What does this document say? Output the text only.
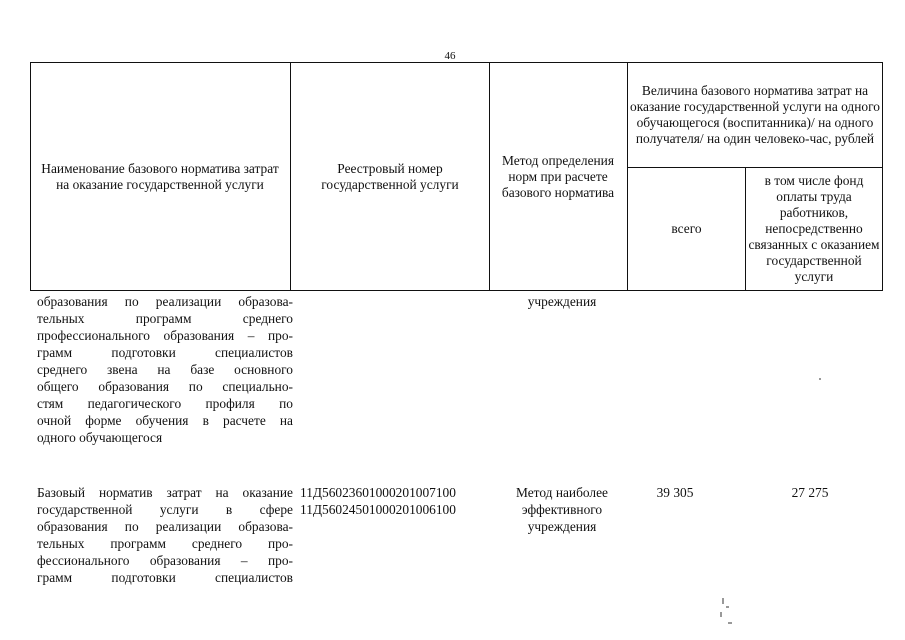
46
Наименование базового норматива затрат на оказание государственной услуги
Реестровый номер государственной услуги
Метод определения норм при расчете базового норматива
Величина базового норматива затрат на оказание государственной услуги на одного обучающегося (воспитанника)/ на одного получателя/ на один человеко-час, рублей
всего
в том числе фонд оплаты труда работников, непосредственно связанных с оказанием государственной услуги
образования по реализации образова-
тельных программ среднего
профессионального образования – про-
грамм подготовки специалистов
среднего звена на базе основного
общего образования по специально-
стям педагогического профиля по
очной форме обучения в расчете на
одного обучающегося
учреждения
Базовый норматив затрат на оказание
государственной услуги в сфере
образования по реализации образова-
тельных программ среднего про-
фессионального образования – про-
грамм подготовки специалистов
11Д56023601000201007100
11Д56024501000201006100
Метод наиболее
эффективного
учреждения
39 305	27 275
